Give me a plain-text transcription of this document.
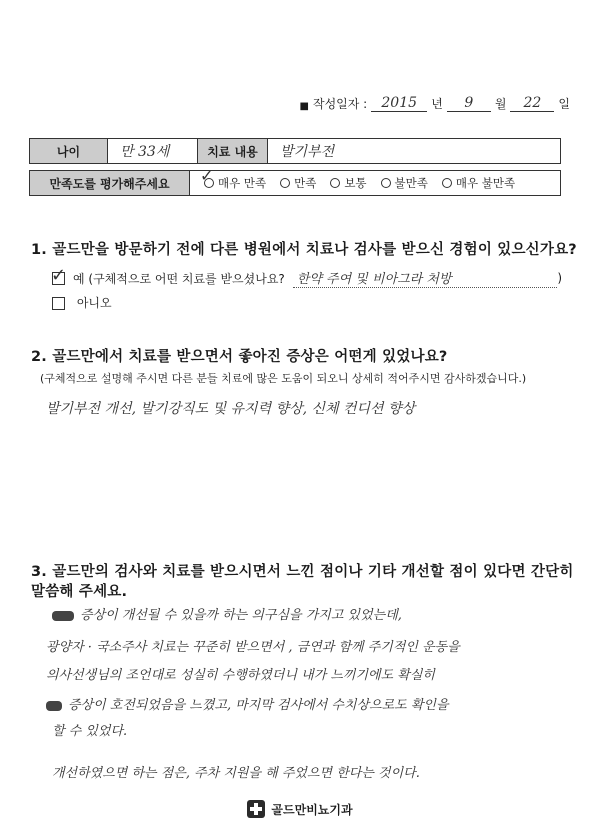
■ 작성일자 :	2015	년	9	월	22	일
나이	만 33세	치료 내용	발기부전
만족도를 평가해주세요	✓ 매우 만족 만족 보통 불만족 매우 불만족
1. 골드만을 방문하기 전에 다른 병원에서 치료나 검사를 받으신 경험이 있으신가요?
✓ 예 (구체적으로 어떤 치료를 받으셨나요? 한약 주여 및 비아그라 처방	)
아니오
2. 골드만에서 치료를 받으면서 좋아진 증상은 어떤게 있었나요?
(구체적으로 설명해 주시면 다른 분들 치료에 많은 도움이 되오니 상세히 적어주시면 감사하겠습니다.)
발기부전 개선, 발기강직도 및 유지력 향상, 신체 컨디션 향상
3. 골드만의 검사와 치료를 받으시면서 느낀 점이나 기타 개선할 점이 있다면 간단히
말씀해 주세요.
증상이 개선될 수 있을까 하는 의구심을 가지고 있었는데,
광양자 · 국소주사 치료는 꾸준히 받으면서 , 금연과 함께 주기적인 운동을
의사선생님의 조언대로 성실히 수행하였더니 내가 느끼기에도 확실히
증상이 호전되었음을 느꼈고, 마지막 검사에서 수치상으로도 확인을
할 수 있었다.
개선하였으면 하는 점은, 주차 지원을 해 주었으면 한다는 것이다.
골드만비뇨기과
